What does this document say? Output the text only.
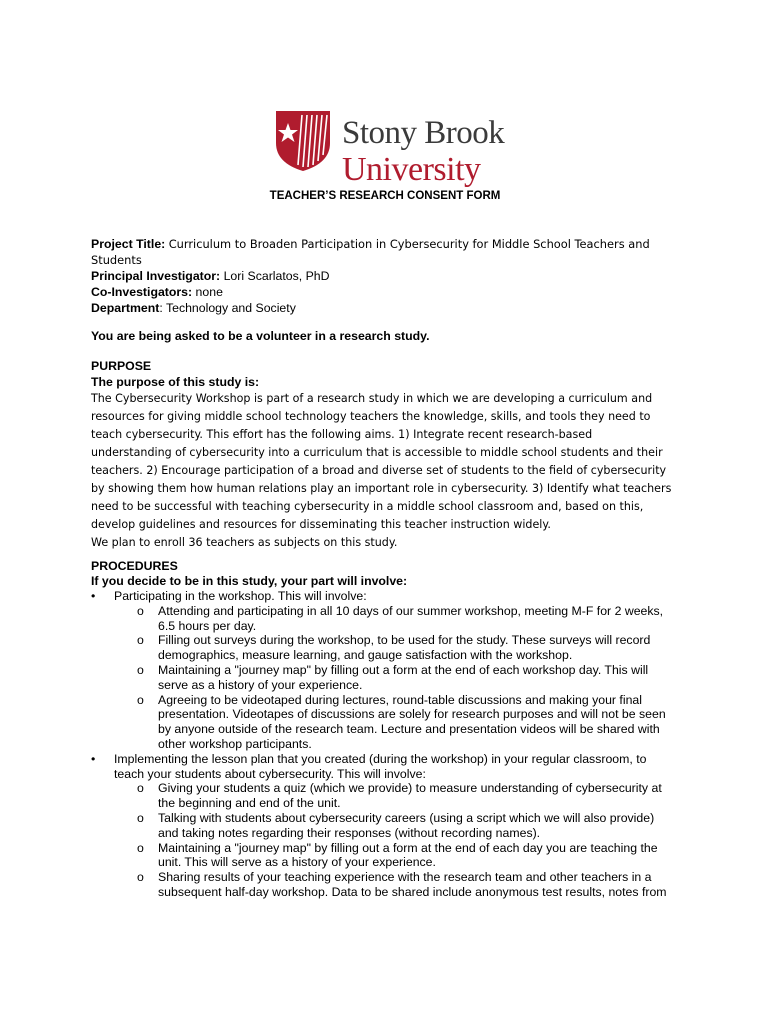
Stony Brook
University
TEACHER’S RESEARCH CONSENT FORM
Project Title: Curriculum to Broaden Participation in Cybersecurity for Middle School Teachers and
Students
Principal Investigator: Lori Scarlatos, PhD
Co-Investigators: none
Department: Technology and Society
You are being asked to be a volunteer in a research study.
PURPOSE
The purpose of this study is:
The Cybersecurity Workshop is part of a research study in which we are developing a curriculum and
resources for giving middle school technology teachers the knowledge, skills, and tools they need to
teach cybersecurity. This effort has the following aims. 1) Integrate recent research-based
understanding of cybersecurity into a curriculum that is accessible to middle school students and their
teachers. 2) Encourage participation of a broad and diverse set of students to the field of cybersecurity
by showing them how human relations play an important role in cybersecurity. 3) Identify what teachers
need to be successful with teaching cybersecurity in a middle school classroom and, based on this,
develop guidelines and resources for disseminating this teacher instruction widely.
We plan to enroll 36 teachers as subjects on this study.
PROCEDURES
If you decide to be in this study, your part will involve:
• Participating in the workshop. This will involve:
o Attending and participating in all 10 days of our summer workshop, meeting M-F for 2 weeks,
6.5 hours per day.
o Filling out surveys during the workshop, to be used for the study. These surveys will record
demographics, measure learning, and gauge satisfaction with the workshop.
o Maintaining a "journey map" by filling out a form at the end of each workshop day. This will
serve as a history of your experience.
o Agreeing to be videotaped during lectures, round-table discussions and making your final
presentation. Videotapes of discussions are solely for research purposes and will not be seen
by anyone outside of the research team. Lecture and presentation videos will be shared with
other workshop participants.
• Implementing the lesson plan that you created (during the workshop) in your regular classroom, to
teach your students about cybersecurity. This will involve:
o Giving your students a quiz (which we provide) to measure understanding of cybersecurity at
the beginning and end of the unit.
o Talking with students about cybersecurity careers (using a script which we will also provide)
and taking notes regarding their responses (without recording names).
o Maintaining a "journey map" by filling out a form at the end of each day you are teaching the
unit. This will serve as a history of your experience.
o Sharing results of your teaching experience with the research team and other teachers in a
subsequent half-day workshop. Data to be shared include anonymous test results, notes from
